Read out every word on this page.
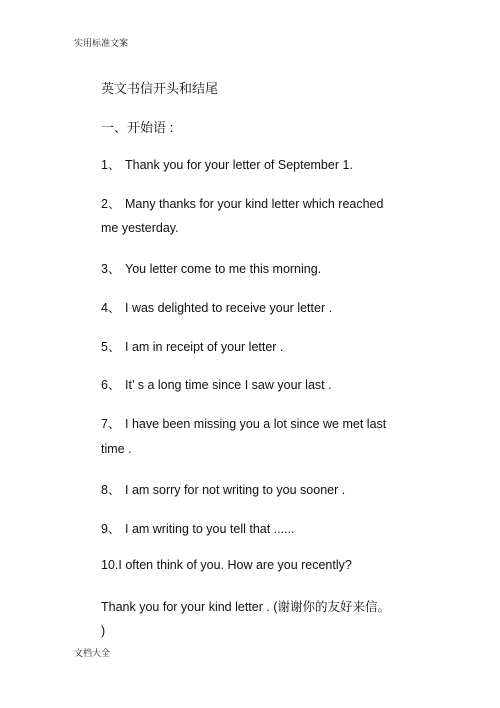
实用标准文案
英文书信开头和结尾
一、开始语 :
1、 Thank you for your letter of September 1.
2、 Many thanks for your kind letter which reached
me yesterday.
3、 You letter come to me this morning.
4、 I was delighted to receive your letter .
5、 I am in receipt of your letter .
6、 It’ s a long time since I saw your last .
7、 I have been missing you a lot since we met last
time .
8、 I am sorry for not writing to you sooner .
9、 I am writing to you tell that ......
10.I often think of you. How are you recently?
Thank you for your kind letter . (谢谢你的友好来信。
)
文档大全
